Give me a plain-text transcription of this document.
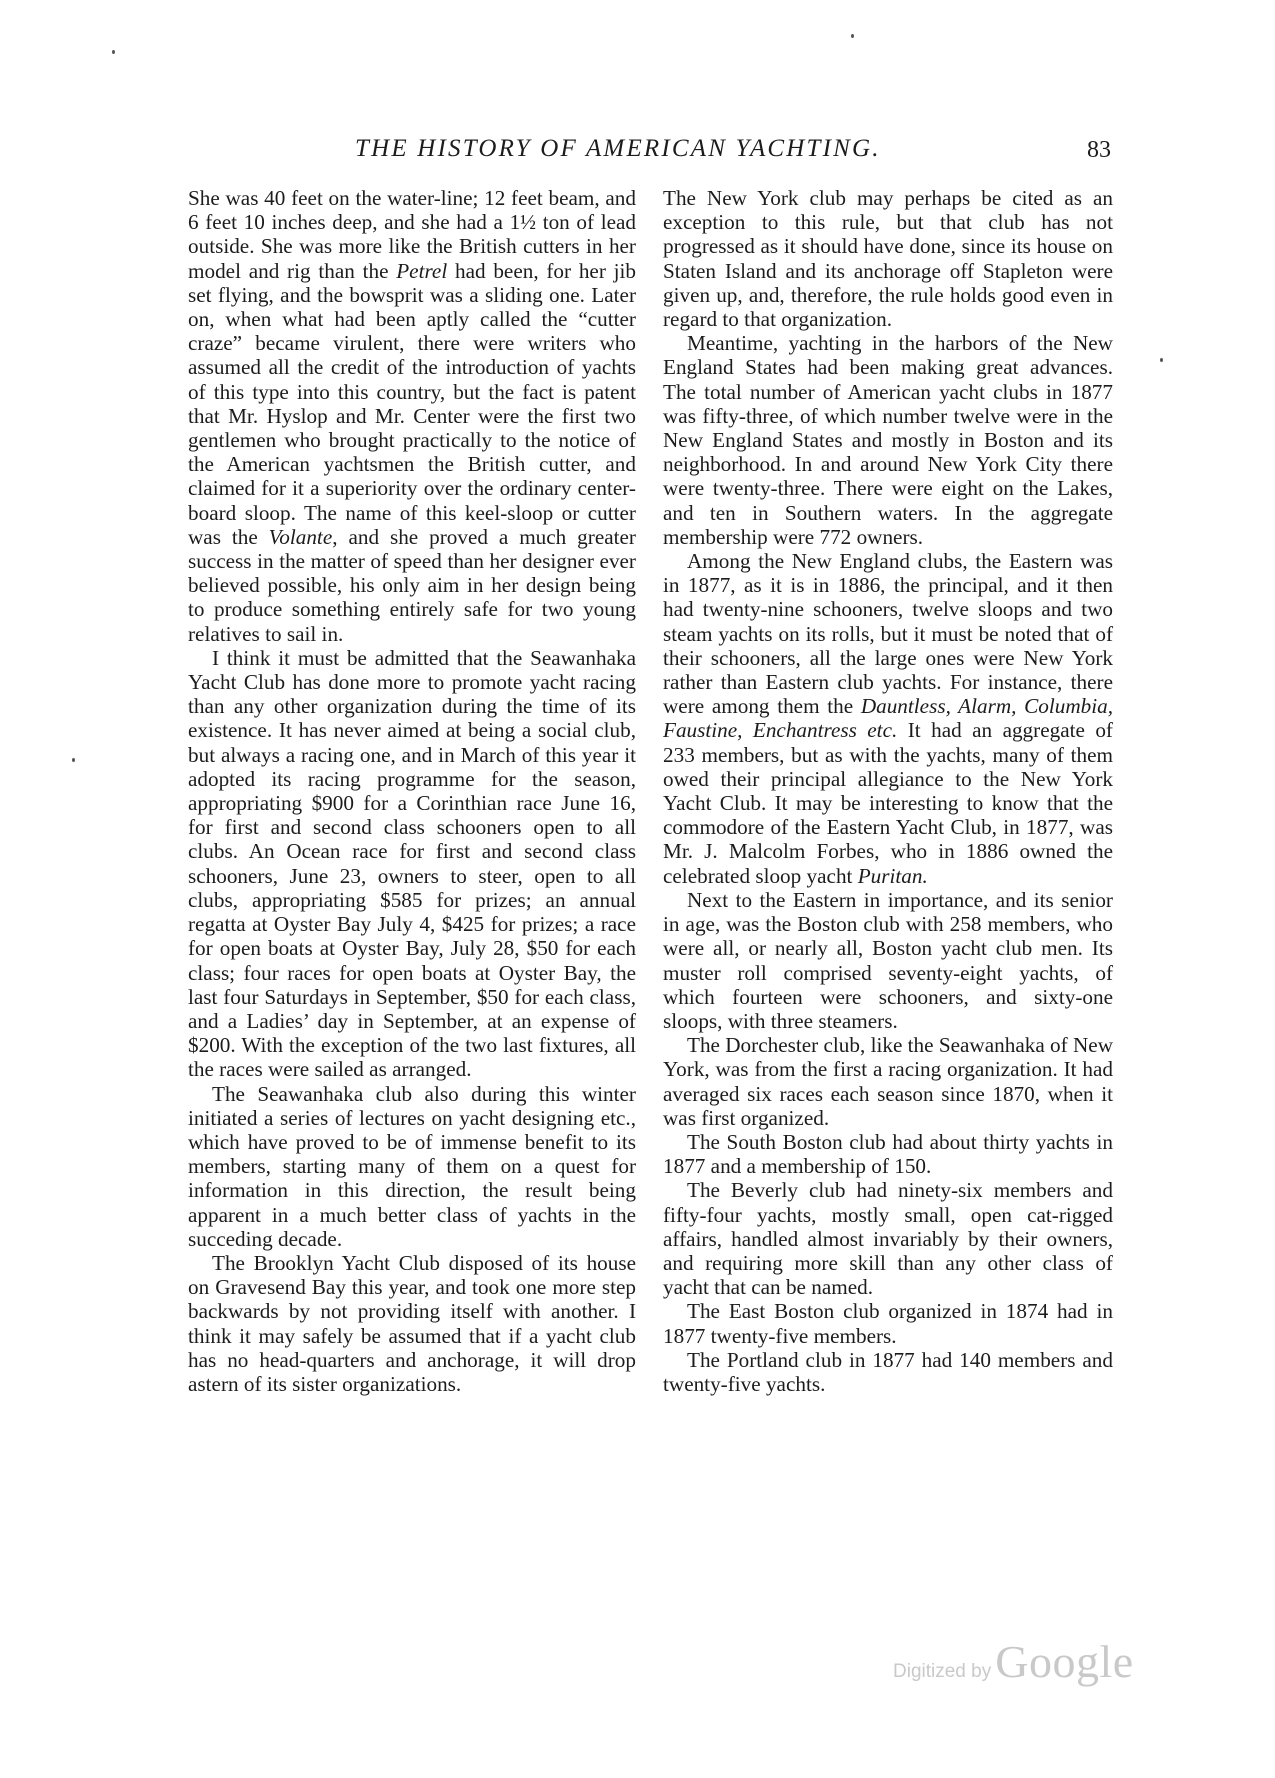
THE HISTORY OF AMERICAN YACHTING.	83

She was 40 feet on the water-line; 12 feet beam, and 6 feet 10 inches deep, and she had a 1½ ton of lead outside. She was more like the British cutters in her model and rig than the Petrel had been, for her jib set flying, and the bowsprit was a sliding one. Later on, when what had been aptly called the “cutter craze” became virulent, there were writers who assumed all the credit of the introduction of yachts of this type into this country, but the fact is patent that Mr. Hyslop and Mr. Center were the first two gentlemen who brought practically to the notice of the American yachtsmen the British cutter, and claimed for it a superiority over the ordinary center-board sloop. The name of this keel-sloop or cutter was the Volante, and she proved a much greater success in the matter of speed than her designer ever believed possible, his only aim in her design being to produce something entirely safe for two young relatives to sail in.

I think it must be admitted that the Seawanhaka Yacht Club has done more to promote yacht racing than any other organization during the time of its existence. It has never aimed at being a social club, but always a racing one, and in March of this year it adopted its racing programme for the season, appropriating $900 for a Corinthian race June 16, for first and second class schooners open to all clubs. An Ocean race for first and second class schooners, June 23, owners to steer, open to all clubs, appropriating $585 for prizes; an annual regatta at Oyster Bay July 4, $425 for prizes; a race for open boats at Oyster Bay, July 28, $50 for each class; four races for open boats at Oyster Bay, the last four Saturdays in September, $50 for each class, and a Ladies’ day in September, at an expense of $200. With the exception of the two last fixtures, all the races were sailed as arranged.

The Seawanhaka club also during this winter initiated a series of lectures on yacht designing etc., which have proved to be of immense benefit to its members, starting many of them on a quest for information in this direction, the result being apparent in a much better class of yachts in the succeding decade.

The Brooklyn Yacht Club disposed of its house on Gravesend Bay this year, and took one more step backwards by not providing itself with another. I think it may safely be assumed that if a yacht club has no head-quarters and anchorage, it will drop astern of its sister organizations.

The New York club may perhaps be cited as an exception to this rule, but that club has not progressed as it should have done, since its house on Staten Island and its anchorage off Stapleton were given up, and, therefore, the rule holds good even in regard to that organization.

Meantime, yachting in the harbors of the New England States had been making great advances. The total number of American yacht clubs in 1877 was fifty-three, of which number twelve were in the New England States and mostly in Boston and its neighborhood. In and around New York City there were twenty-three. There were eight on the Lakes, and ten in Southern waters. In the aggregate membership were 772 owners.

Among the New England clubs, the Eastern was in 1877, as it is in 1886, the principal, and it then had twenty-nine schooners, twelve sloops and two steam yachts on its rolls, but it must be noted that of their schooners, all the large ones were New York rather than Eastern club yachts. For instance, there were among them the Dauntless, Alarm, Columbia, Faustine, Enchantress etc. It had an aggregate of 233 members, but as with the yachts, many of them owed their principal allegiance to the New York Yacht Club. It may be interesting to know that the commodore of the Eastern Yacht Club, in 1877, was Mr. J. Malcolm Forbes, who in 1886 owned the celebrated sloop yacht Puritan.

Next to the Eastern in importance, and its senior in age, was the Boston club with 258 members, who were all, or nearly all, Boston yacht club men. Its muster roll comprised seventy-eight yachts, of which fourteen were schooners, and sixty-one sloops, with three steamers.

The Dorchester club, like the Seawanhaka of New York, was from the first a racing organization. It had averaged six races each season since 1870, when it was first organized.

The South Boston club had about thirty yachts in 1877 and a membership of 150.

The Beverly club had ninety-six members and fifty-four yachts, mostly small, open cat-rigged affairs, handled almost invariably by their owners, and requiring more skill than any other class of yacht that can be named.

The East Boston club organized in 1874 had in 1877 twenty-five members.

The Portland club in 1877 had 140 members and twenty-five yachts.

Digitized by Google
